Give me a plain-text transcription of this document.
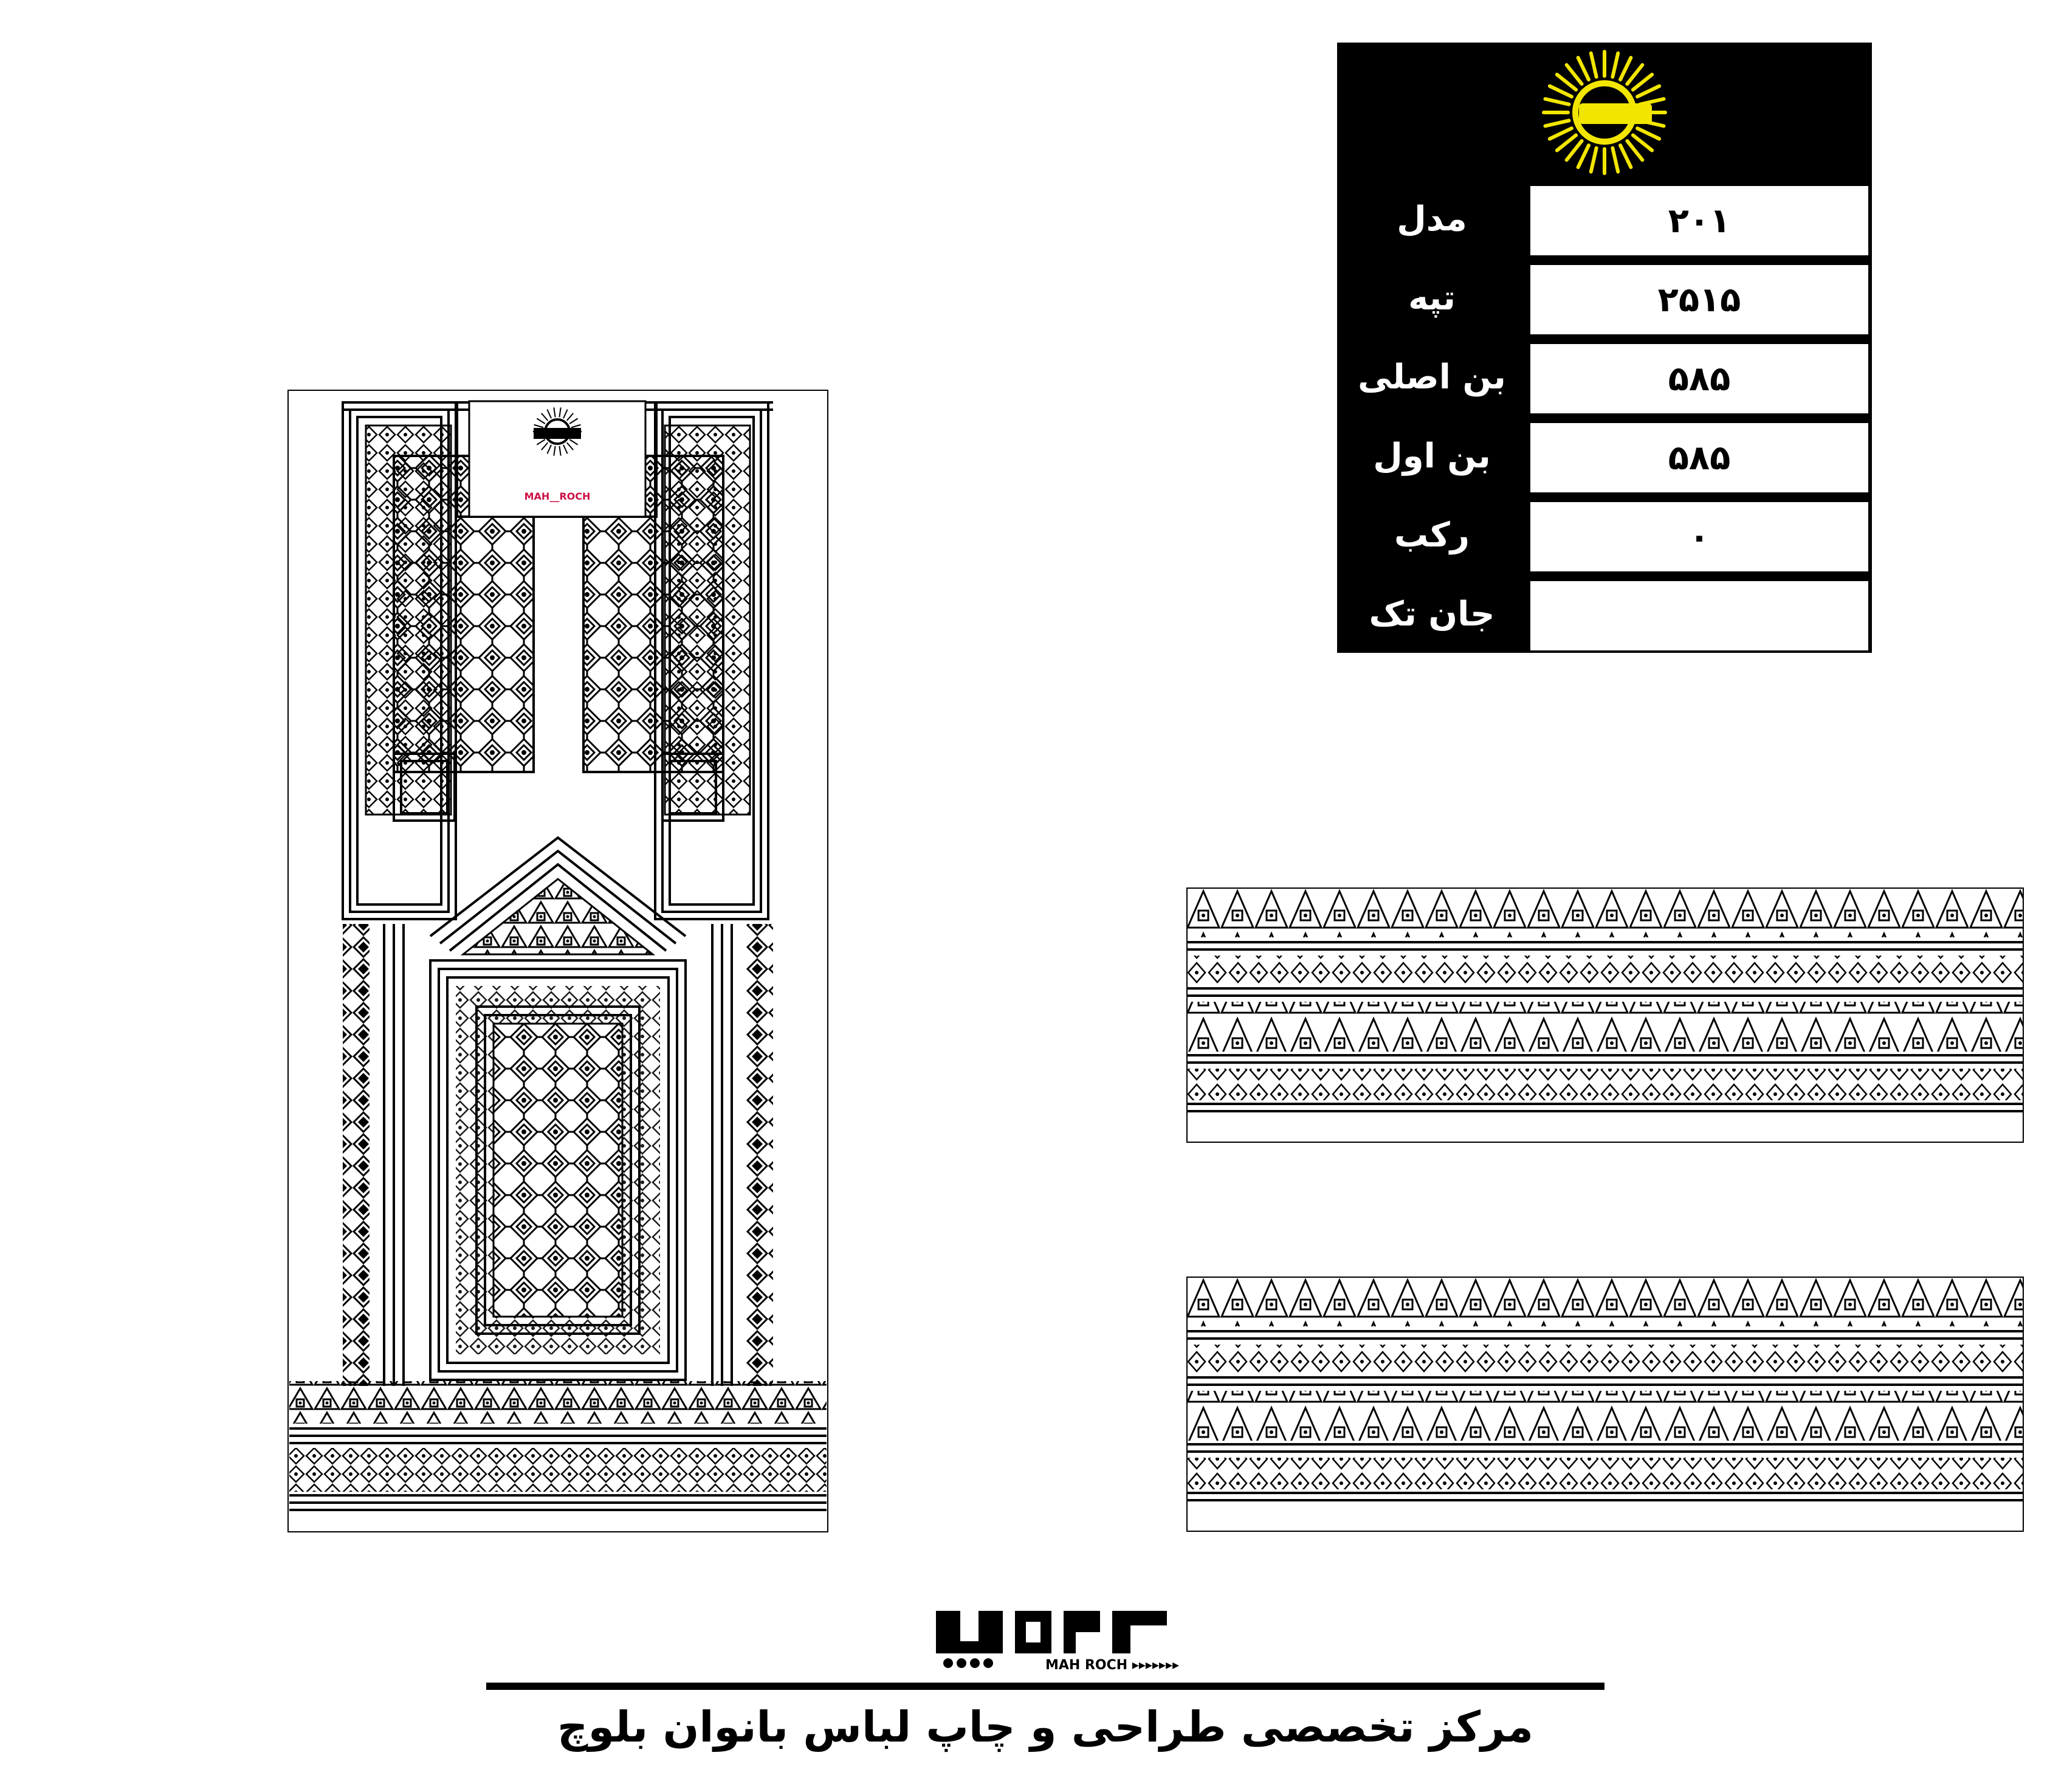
مدل	۲۰۱
تپه	۲۵۱۵
بن اصلی	۵۸۵
بن اول	۵۸۵
رکب	۰
جان تک
MAH__ROCH
MAH ROCH ▸▸▸▸▸▸▸
مرکز تخصصی طراحی و چاپ لباس بانوان بلوچ
